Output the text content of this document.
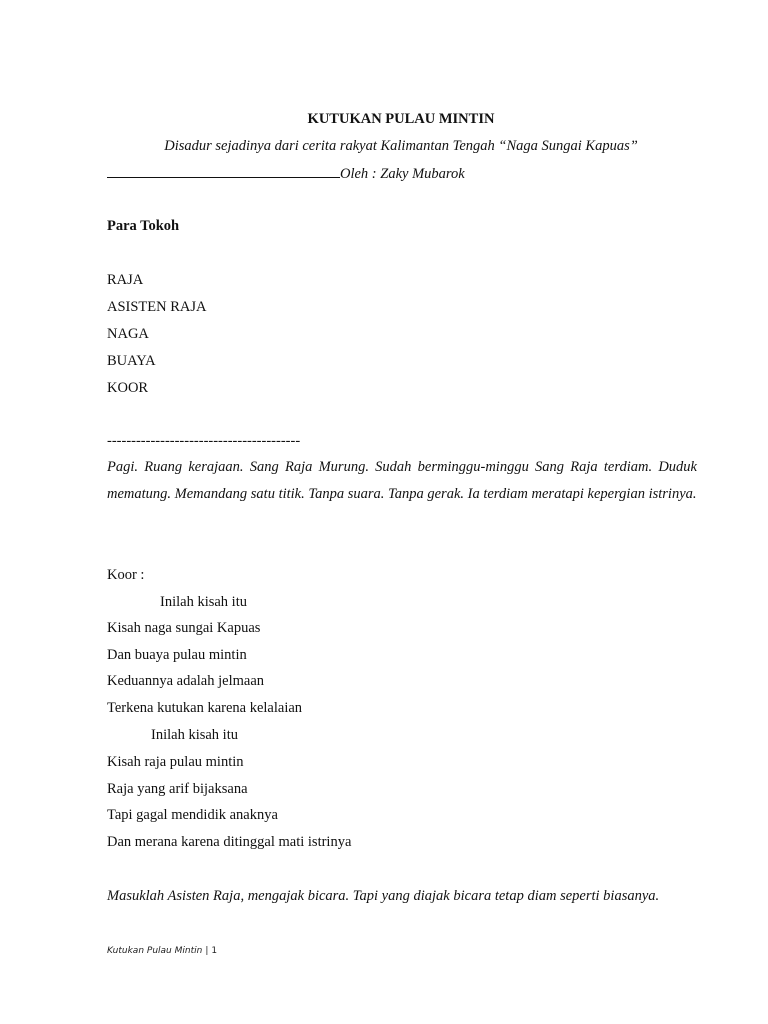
KUTUKAN PULAU MINTIN
Disadur sejadinya dari cerita rakyat Kalimantan Tengah “Naga Sungai Kapuas”
Oleh : Zaky Mubarok
Para Tokoh
RAJA
ASISTEN RAJA
NAGA
BUAYA
KOOR
----------------------------------------

Pagi. Ruang kerajaan. Sang Raja Murung. Sudah berminggu-minggu Sang Raja terdiam. Duduk mematung. Memandang satu titik. Tanpa suara. Tanpa gerak. Ia terdiam meratapi kepergian istrinya.

Koor :
Inilah kisah itu
Kisah naga sungai Kapuas
Dan buaya pulau mintin
Keduannya adalah jelmaan
Terkena kutukan karena kelalaian
Inilah kisah itu
Kisah raja pulau mintin
Raja yang arif bijaksana
Tapi gagal mendidik anaknya
Dan merana karena ditinggal mati istrinya
Masuklah Asisten Raja, mengajak bicara. Tapi yang diajak bicara tetap diam seperti biasanya.
Kutukan Pulau Mintin | 1
